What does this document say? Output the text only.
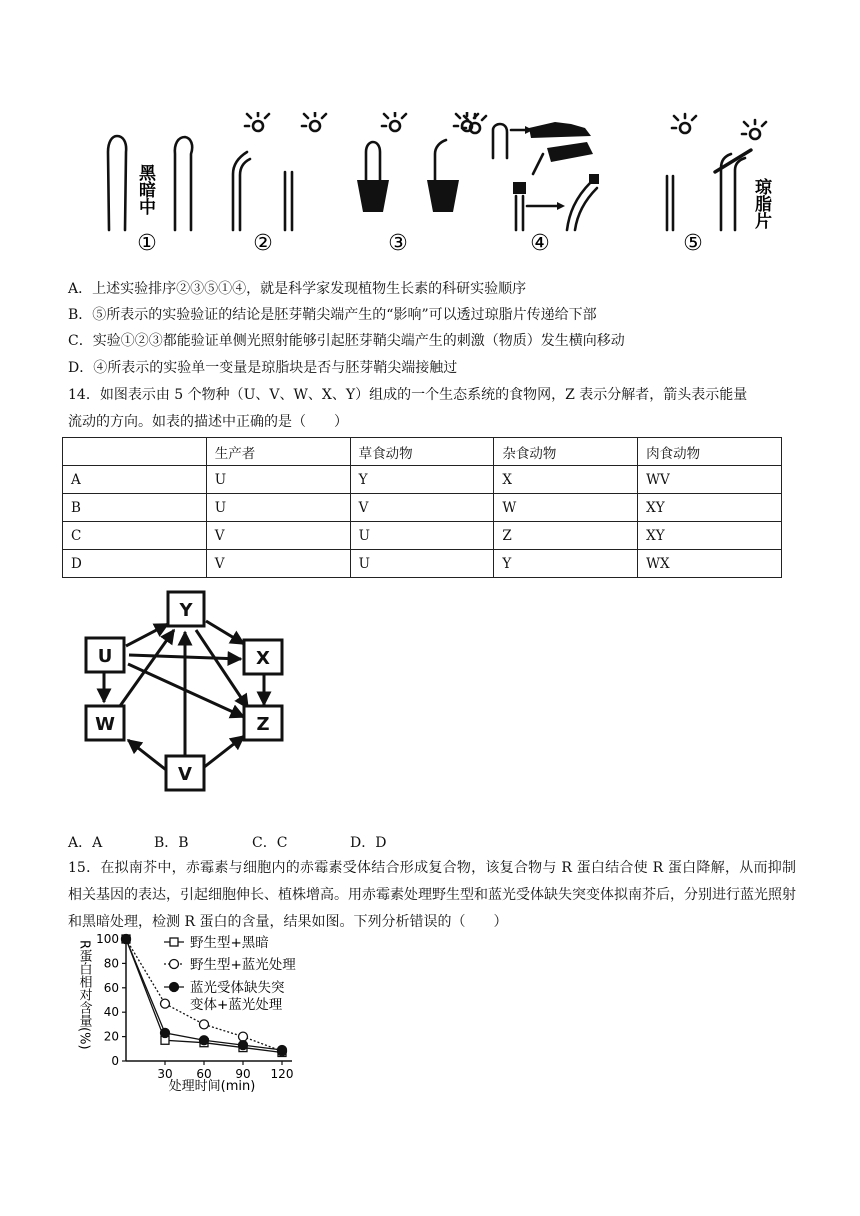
黑暗中	琼脂片
①	②	③	④	⑤
A．上述实验排序②③⑤①④，就是科学家发现植物生长素的科研实验顺序
B．⑤所表示的实验验证的结论是胚芽鞘尖端产生的“影响”可以透过琼脂片传递给下部
C．实验①②③都能验证单侧光照射能够引起胚芽鞘尖端产生的刺激（物质）发生横向移动
D．④所表示的实验单一变量是琼脂块是否与胚芽鞘尖端接触过
14．如图表示由 5 个物种（U、V、W、X、Y）组成的一个生态系统的食物网，Z 表示分解者，箭头表示能量
流动的方向。如表的描述中正确的是（　　）
	生产者	草食动物	杂食动物	肉食动物
A	U	Y	X	WV
B	U	V	W	XY
C	V	U	Z	XY
D	V	U	Y	WX
Y
U	X
W	Z
V
A．A	B．B	C．C	D．D
15．在拟南芥中，赤霉素与细胞内的赤霉素受体结合形成复合物，该复合物与 R 蛋白结合使 R 蛋白降解，从而抑制相关基因的表达，引起细胞伸长、植株增高。用赤霉素处理野生型和蓝光受体缺失突变体拟南芥后，分别进行蓝光照射和黑暗处理，检测 R 蛋白的含量，结果如图。下列分析错误的（　　）
R蛋白相对含量(%)
0
20
40
60
80
100
30 60 90 120
野生型+黑暗
野生型+蓝光处理
蓝光受体缺失突
变体+蓝光处理
处理时间(min)
